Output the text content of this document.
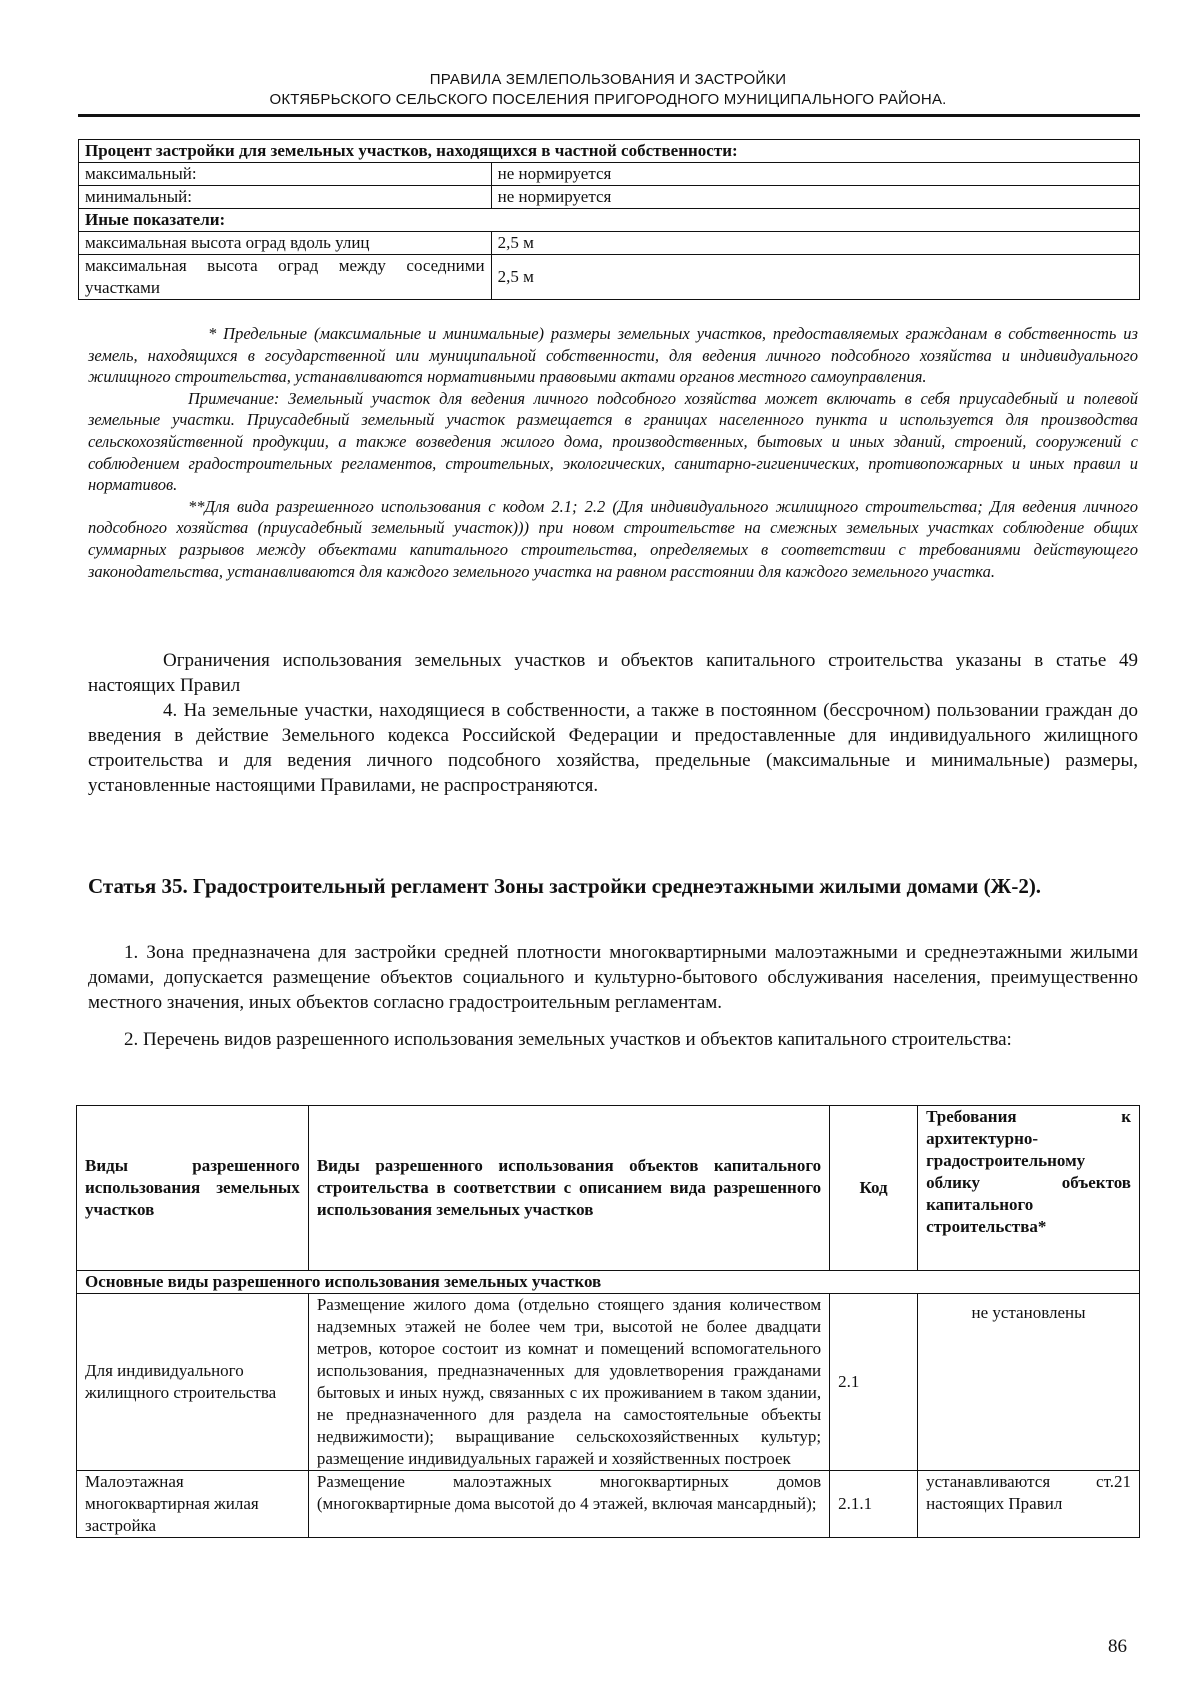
ПРАВИЛА ЗЕМЛЕПОЛЬЗОВАНИЯ И ЗАСТРОЙКИ
ОКТЯБРЬСКОГО СЕЛЬСКОГО ПОСЕЛЕНИЯ ПРИГОРОДНОГО МУНИЦИПАЛЬНОГО РАЙОНА.
Процент застройки для земельных участков, находящихся в частной собственности:	
максимальный:	не нормируется
минимальный:	не нормируется
Иные показатели:	
максимальная высота оград вдоль улиц	2,5 м
максимальная высота оград между соседними участками	2,5 м

* Предельные (максимальные и минимальные) размеры земельных участков, предоставляемых гражданам в собственность из земель, находящихся в государственной или муниципальной собственности, для ведения личного подсобного хозяйства и индивидуального жилищного строительства, устанавливаются нормативными правовыми актами органов местного самоуправления.

Примечание: Земельный участок для ведения личного подсобного хозяйства может включать в себя приусадебный и полевой земельные участки. Приусадебный земельный участок размещается в границах населенного пункта и используется для производства сельскохозяйственной продукции, а также возведения жилого дома, производственных, бытовых и иных зданий, строений, сооружений с соблюдением градостроительных регламентов, строительных, экологических, санитарно-гигиенических, противопожарных и иных правил и нормативов.

**Для вида разрешенного использования с кодом 2.1; 2.2 (Для индивидуального жилищного строительства; Для ведения личного подсобного хозяйства (приусадебный земельный участок))) при новом строительстве на смежных земельных участках соблюдение общих суммарных разрывов между объектами капитального строительства, определяемых в соответствии с требованиями действующего законодательства, устанавливаются для каждого земельного участка на равном расстоянии для каждого земельного участка.

Ограничения использования земельных участков и объектов капитального строительства указаны в статье 49 настоящих Правил

4. На земельные участки, находящиеся в собственности, а также в постоянном (бессрочном) пользовании граждан до введения в действие Земельного кодекса Российской Федерации и предоставленные для индивидуального жилищного строительства и для ведения личного подсобного хозяйства, предельные (максимальные и минимальные) размеры, установленные настоящими Правилами, не распространяются.

Статья 35. Градостроительный регламент Зоны застройки среднеэтажными жилыми домами (Ж-2).

1. Зона предназначена для застройки средней плотности многоквартирными малоэтажными и среднеэтажными жилыми домами, допускается размещение объектов социального и культурно-бытового обслуживания населения, преимущественно местного значения, иных объектов согласно градостроительным регламентам.

2. Перечень видов разрешенного использования земельных участков и объектов капитального строительства:

Виды разрешенного использования земельных участков	Виды разрешенного использования объектов капитального строительства в соответствии с описанием вида разрешенного использования земельных участков	Код	Требования к архитектурно-градостроительному облику объектов капитального строительства*
Основные виды разрешенного использования земельных участков			
Для индивидуального жилищного строительства	Размещение жилого дома (отдельно стоящего здания количеством надземных этажей не более чем три, высотой не более двадцати метров, которое состоит из комнат и помещений вспомогательного использования, предназначенных для удовлетворения гражданами бытовых и иных нужд, связанных с их проживанием в таком здании, не предназначенного для раздела на самостоятельные объекты недвижимости); выращивание сельскохозяйственных культур; размещение индивидуальных гаражей и хозяйственных построек	2.1	не установлены
Малоэтажная многоквартирная жилая застройка	Размещение малоэтажных многоквартирных домов (многоквартирные дома высотой до 4 этажей, включая мансардный);	2.1.1	устанавливаются ст.21 настоящих Правил
86
